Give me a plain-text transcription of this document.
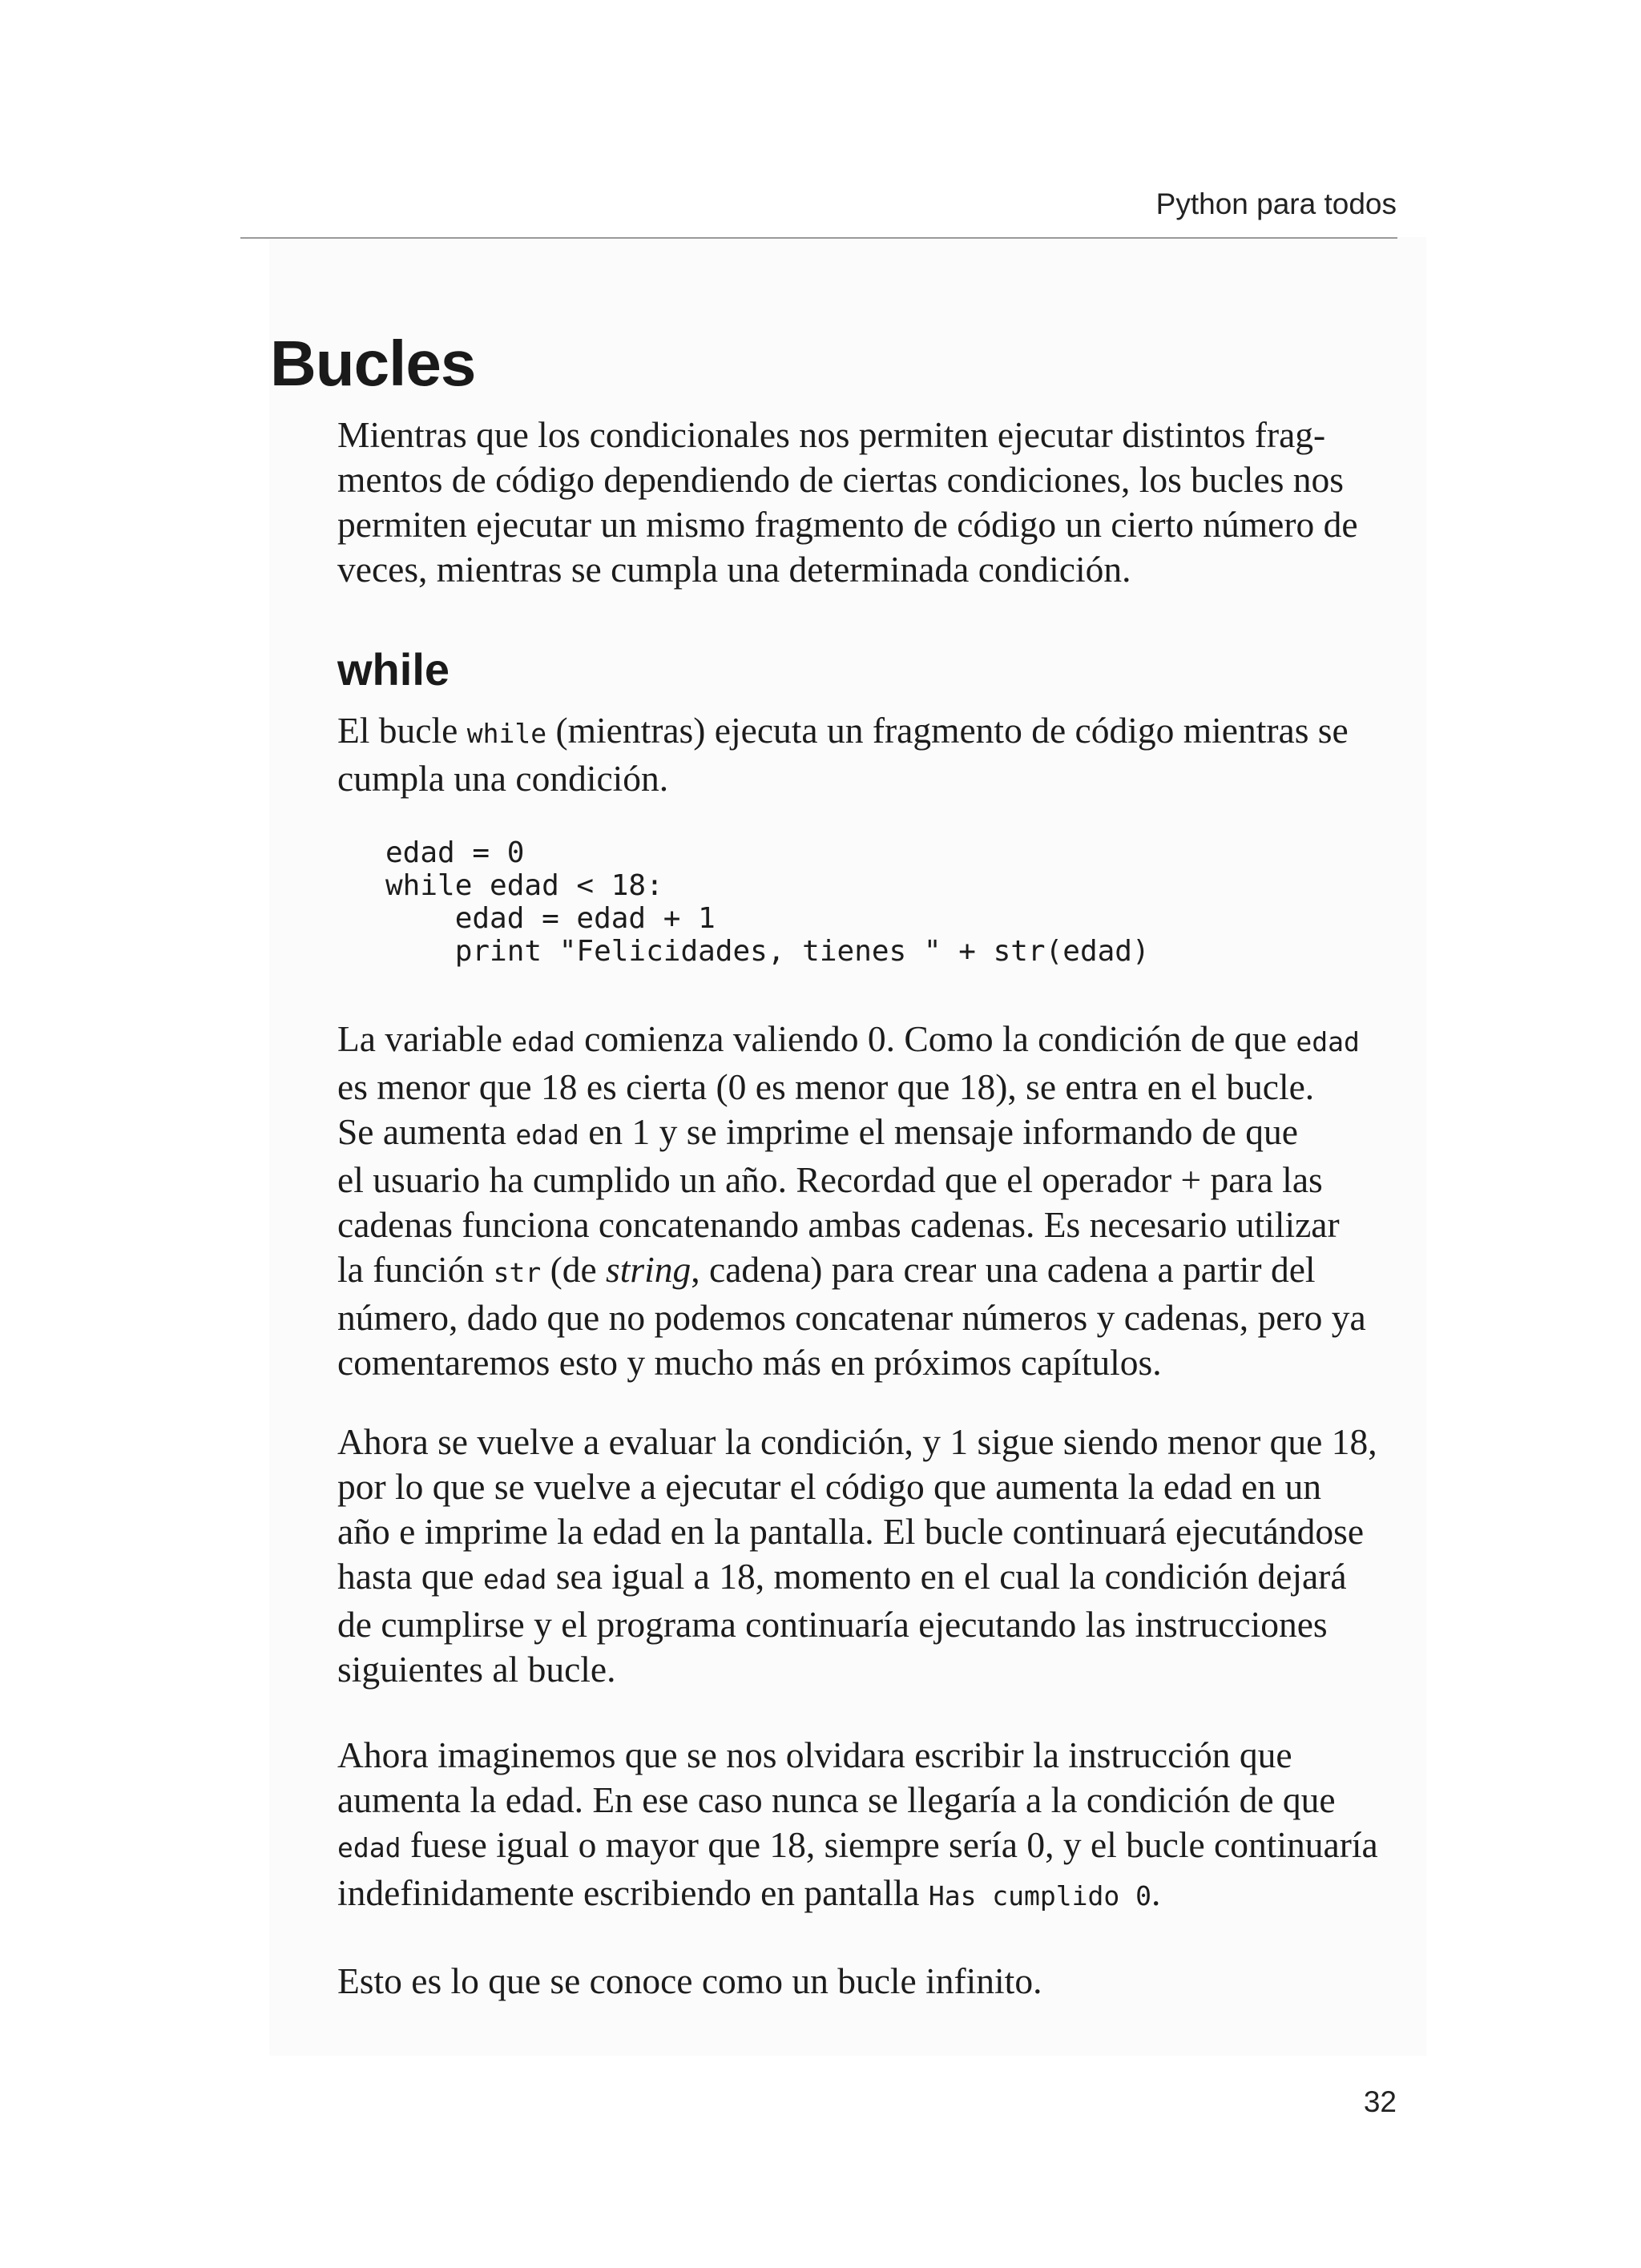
Python para todos
Bucles

Mientras que los condicionales nos permiten ejecutar distintos frag-

mentos de código dependiendo de ciertas condiciones, los bucles nos

permiten ejecutar un mismo fragmento de código un cierto número de

veces, mientras se cumpla una determinada condición.

while

El bucle while (mientras) ejecuta un fragmento de código mientras se

cumpla una condición.

edad = 0
while edad < 18:
edad = edad + 1
print "Felicidades, tienes " + str(edad)

La variable edad comienza valiendo 0. Como la condición de que edad

es menor que 18 es cierta (0 es menor que 18), se entra en el bucle.

Se aumenta edad en 1 y se imprime el mensaje informando de que

el usuario ha cumplido un año. Recordad que el operador + para las

cadenas funciona concatenando ambas cadenas. Es necesario utilizar

la función str (de string, cadena) para crear una cadena a partir del

número, dado que no podemos concatenar números y cadenas, pero ya

comentaremos esto y mucho más en próximos capítulos.

Ahora se vuelve a evaluar la condición, y 1 sigue siendo menor que 18,

por lo que se vuelve a ejecutar el código que aumenta la edad en un

año e imprime la edad en la pantalla. El bucle continuará ejecutándose

hasta que edad sea igual a 18, momento en el cual la condición dejará

de cumplirse y el programa continuaría ejecutando las instrucciones

siguientes al bucle.

Ahora imaginemos que se nos olvidara escribir la instrucción que

aumenta la edad. En ese caso nunca se llegaría a la condición de que

edad fuese igual o mayor que 18, siempre sería 0, y el bucle continuaría

indefinidamente escribiendo en pantalla Has cumplido 0.

Esto es lo que se conoce como un bucle infinito.

32
